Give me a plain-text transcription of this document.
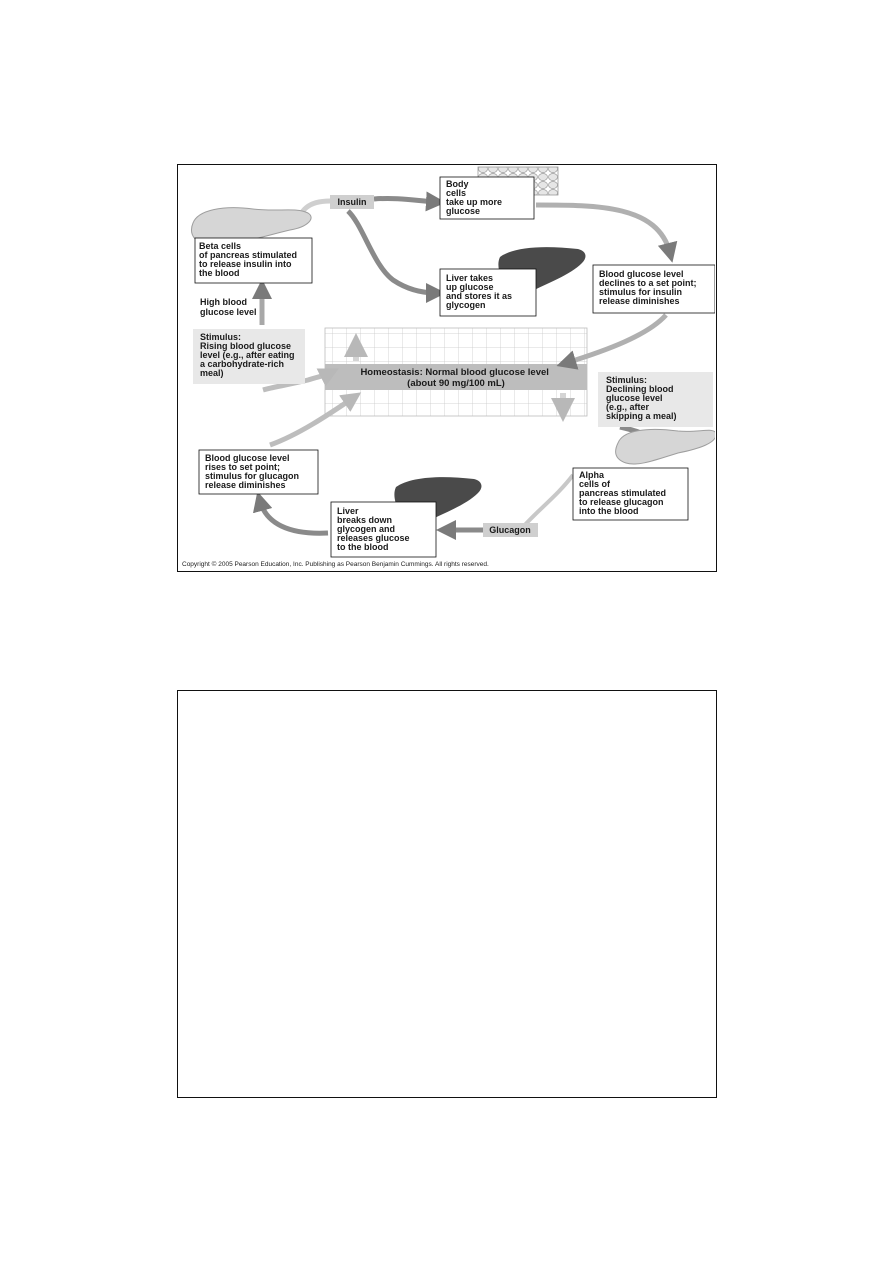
Homeostasis: Normal blood glucose level (about 90 mg/100 mL)
Insulin
Glucagon
Body cells take up more glucose
Beta cells of pancreas stimulated to release insulin into the blood	Liver takes up glucose and stores it as glycogen
Blood glucose level declines to a set point; stimulus for insulin release diminishes
High blood glucose level
Stimulus: Rising blood glucose level (e.g., after eating a carbohydrate-rich meal)
Stimulus: Declining blood glucose level (e.g., after skipping a meal)
Blood glucose level rises to set point; stimulus for glucagon release diminishes
Alpha cells of pancreas stimulated to release glucagon into the blood
Liver breaks down glycogen and releases glucose to the blood
Copyright © 2005 Pearson Education, Inc. Publishing as Pearson Benjamin Cummings. All rights reserved.
